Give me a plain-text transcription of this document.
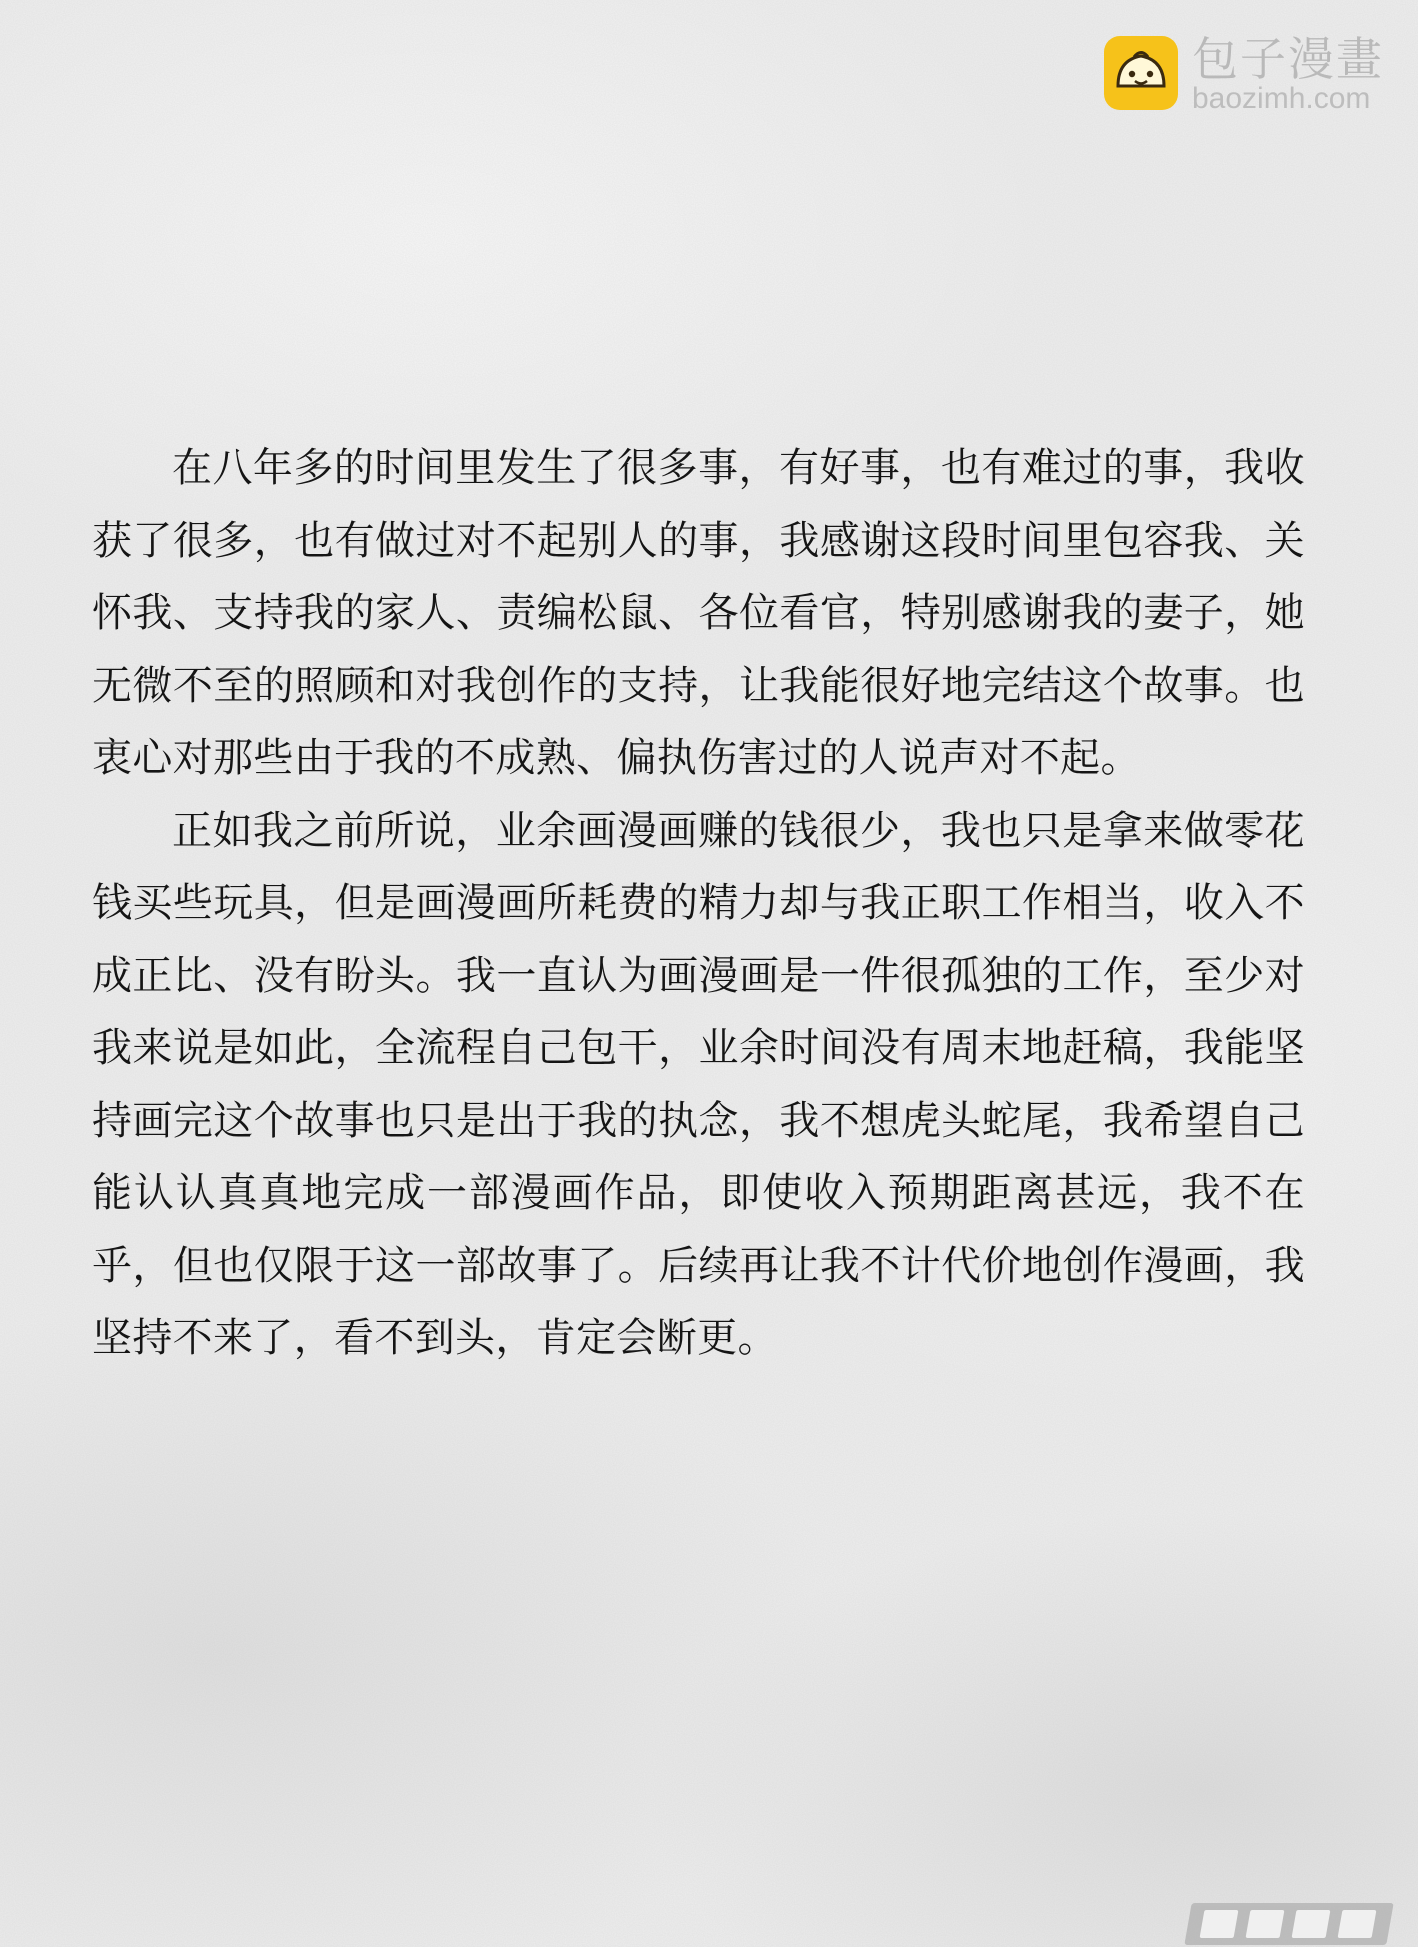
包子漫畫
baozimh.com

在八年多的时间里发生了很多事，有好事，也有难过的事，我收获了很多，也有做过对不起别人的事，我感谢这段时间里包容我、关怀我、支持我的家人、责编松鼠、各位看官，特别感谢我的妻子，她无微不至的照顾和对我创作的支持，让我能很好地完结这个故事。也衷心对那些由于我的不成熟、偏执伤害过的人说声对不起。

正如我之前所说，业余画漫画赚的钱很少，我也只是拿来做零花钱买些玩具，但是画漫画所耗费的精力却与我正职工作相当，收入不成正比、没有盼头。我一直认为画漫画是一件很孤独的工作，至少对我来说是如此，全流程自己包干，业余时间没有周末地赶稿，我能坚持画完这个故事也只是出于我的执念，我不想虎头蛇尾，我希望自己能认认真真地完成一部漫画作品，即使收入预期距离甚远，我不在乎，但也仅限于这一部故事了。后续再让我不计代价地创作漫画，我坚持不来了，看不到头，肯定会断更。
